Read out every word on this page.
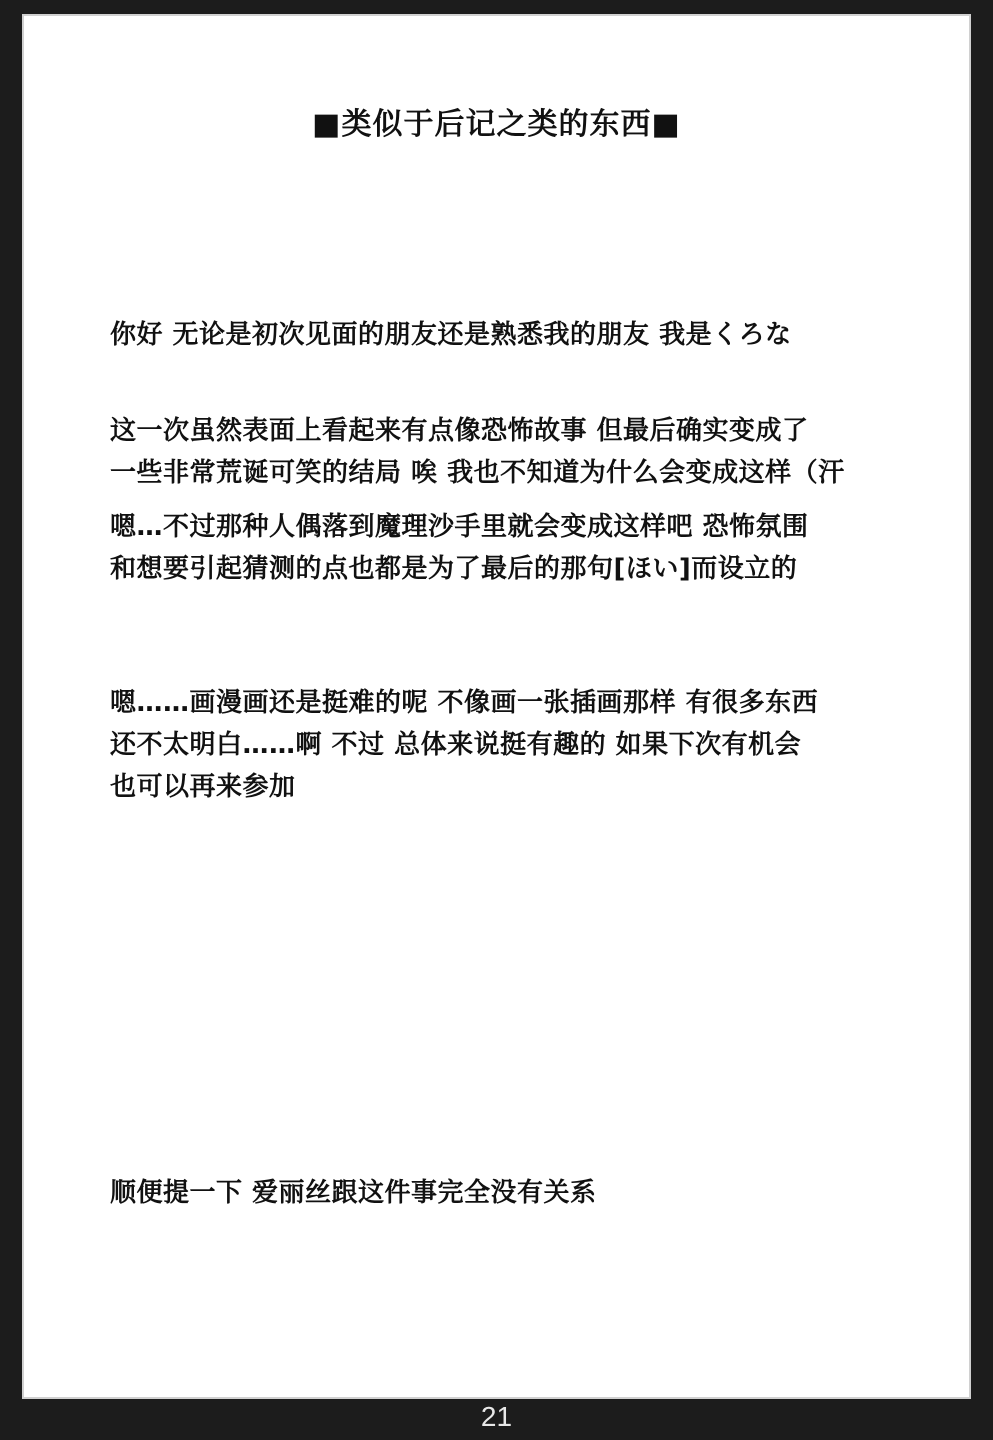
■类似于后记之类的东西■
你好 无论是初次见面的朋友还是熟悉我的朋友 我是くろな
这一次虽然表面上看起来有点像恐怖故事 但最后确实变成了
一些非常荒诞可笑的结局 唉 我也不知道为什么会变成这样（汗
嗯…不过那种人偶落到魔理沙手里就会变成这样吧 恐怖氛围
和想要引起猜测的点也都是为了最后的那句[ほい]而设立的
嗯……画漫画还是挺难的呢 不像画一张插画那样 有很多东西
还不太明白……啊 不过 总体来说挺有趣的 如果下次有机会
也可以再来参加
顺便提一下 爱丽丝跟这件事完全没有关系
21
